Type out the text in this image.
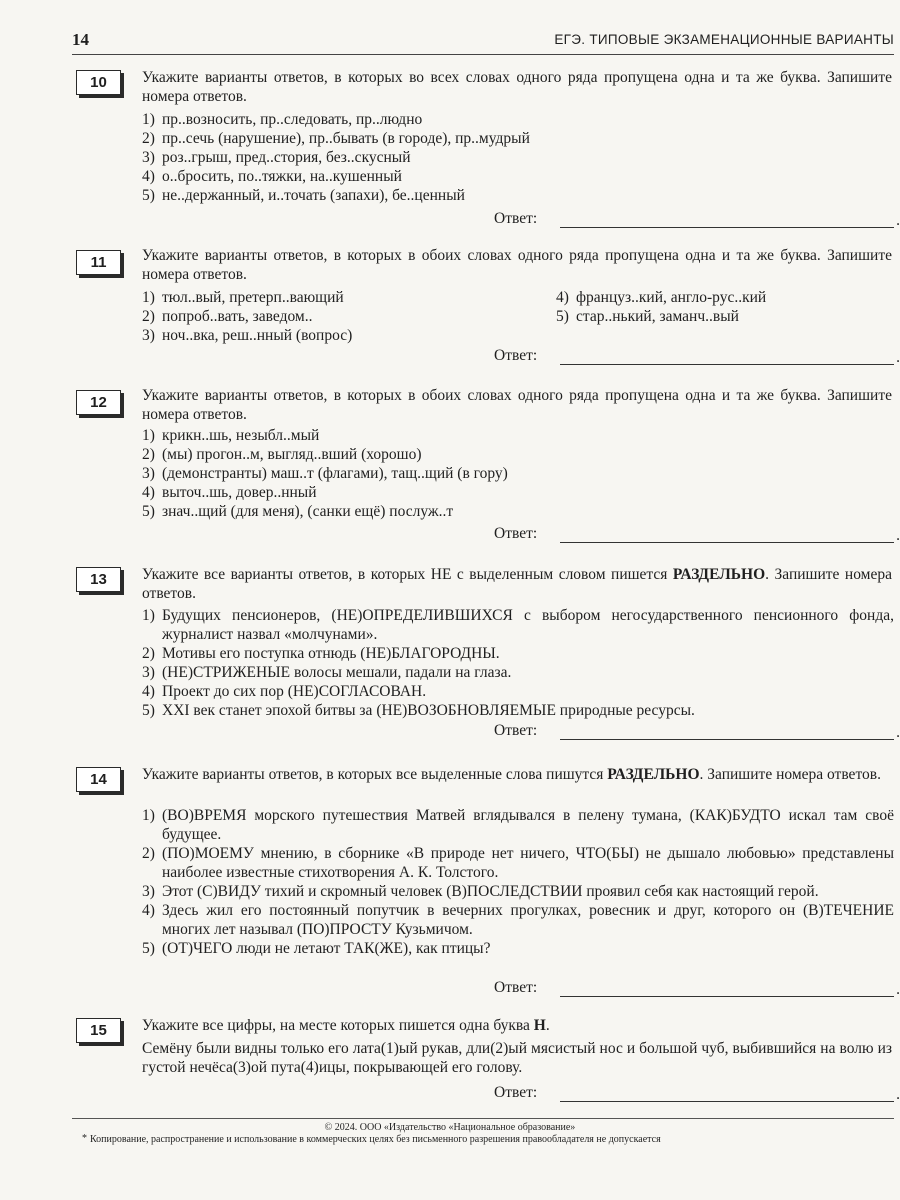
14	ЕГЭ. ТИПОВЫЕ ЭКЗАМЕНАЦИОННЫЕ ВАРИАНТЫ
10	Укажите варианты ответов, в которых во всех словах одного ряда пропущена одна и та же буква. Запишите номера ответов.
1) пр..возносить, пр..следовать, пр..людно
2) пр..сечь (нарушение), пр..бывать (в городе), пр..мудрый
3) роз..грыш, пред..стория, без..скусный
4) о..бросить, по..тяжки, на..кушенный
5) не..держанный, и..точать (запахи), бе..ценный
Ответ:	.
11	Укажите варианты ответов, в которых в обоих словах одного ряда пропущена одна и та же буква. Запишите номера ответов.
1) тюл..вый, претерп..вающий
2) попроб..вать, заведом..
3) ноч..вка, реш..нный (вопрос)
4) француз..кий, англо-рус..кий
5) стар..нький, заманч..вый
Ответ:	.
12	Укажите варианты ответов, в которых в обоих словах одного ряда пропущена одна и та же буква. Запишите номера ответов.
1) крикн..шь, незыбл..мый
2) (мы) прогон..м, выгляд..вший (хорошо)
3) (демонстранты) маш..т (флагами), тащ..щий (в гору)
4) выточ..шь, довер..нный
5) знач..щий (для меня), (санки ещё) послуж..т
Ответ:	.
13	Укажите все варианты ответов, в которых НЕ с выделенным словом пишется РАЗДЕЛЬНО. Запишите номера ответов.
1) Будущих пенсионеров, (НЕ)ОПРЕДЕЛИВШИХСЯ с выбором негосударственного пенсионного фонда, журналист назвал «молчунами».
2) Мотивы его поступка отнюдь (НЕ)БЛАГОРОДНЫ.
3) (НЕ)СТРИЖЕНЫЕ волосы мешали, падали на глаза.
4) Проект до сих пор (НЕ)СОГЛАСОВАН.
5) XXI век станет эпохой битвы за (НЕ)ВОЗОБНОВЛЯЕМЫЕ природные ресурсы.
Ответ:	.
14	Укажите варианты ответов, в которых все выделенные слова пишутся РАЗДЕЛЬНО. Запишите номера ответов.
1) (ВО)ВРЕМЯ морского путешествия Матвей вглядывался в пелену тумана, (КАК)БУДТО искал там своё будущее.
2) (ПО)МОЕМУ мнению, в сборнике «В природе нет ничего, ЧТО(БЫ) не дышало любовью» представлены наиболее известные стихотворения А. К. Толстого.
3) Этот (С)ВИДУ тихий и скромный человек (В)ПОСЛЕДСТВИИ проявил себя как настоящий герой.
4) Здесь жил его постоянный попутчик в вечерних прогулках, ровесник и друг, которого он (В)ТЕЧЕНИЕ многих лет называл (ПО)ПРОСТУ Кузьмичом.
5) (ОТ)ЧЕГО люди не летают ТАК(ЖЕ), как птицы?
Ответ:	.
15	Укажите все цифры, на месте которых пишется одна буква Н.
Семёну были видны только его лата(1)ый рукав, дли(2)ый мясистый нос и большой чуб, выбившийся на волю из густой нечёса(3)ой пута(4)ицы, покрывающей его голову.
Ответ:	.
© 2024. ООО «Издательство «Национальное образование»
* Копирование, распространение и использование в коммерческих целях без письменного разрешения правообладателя не допускается
